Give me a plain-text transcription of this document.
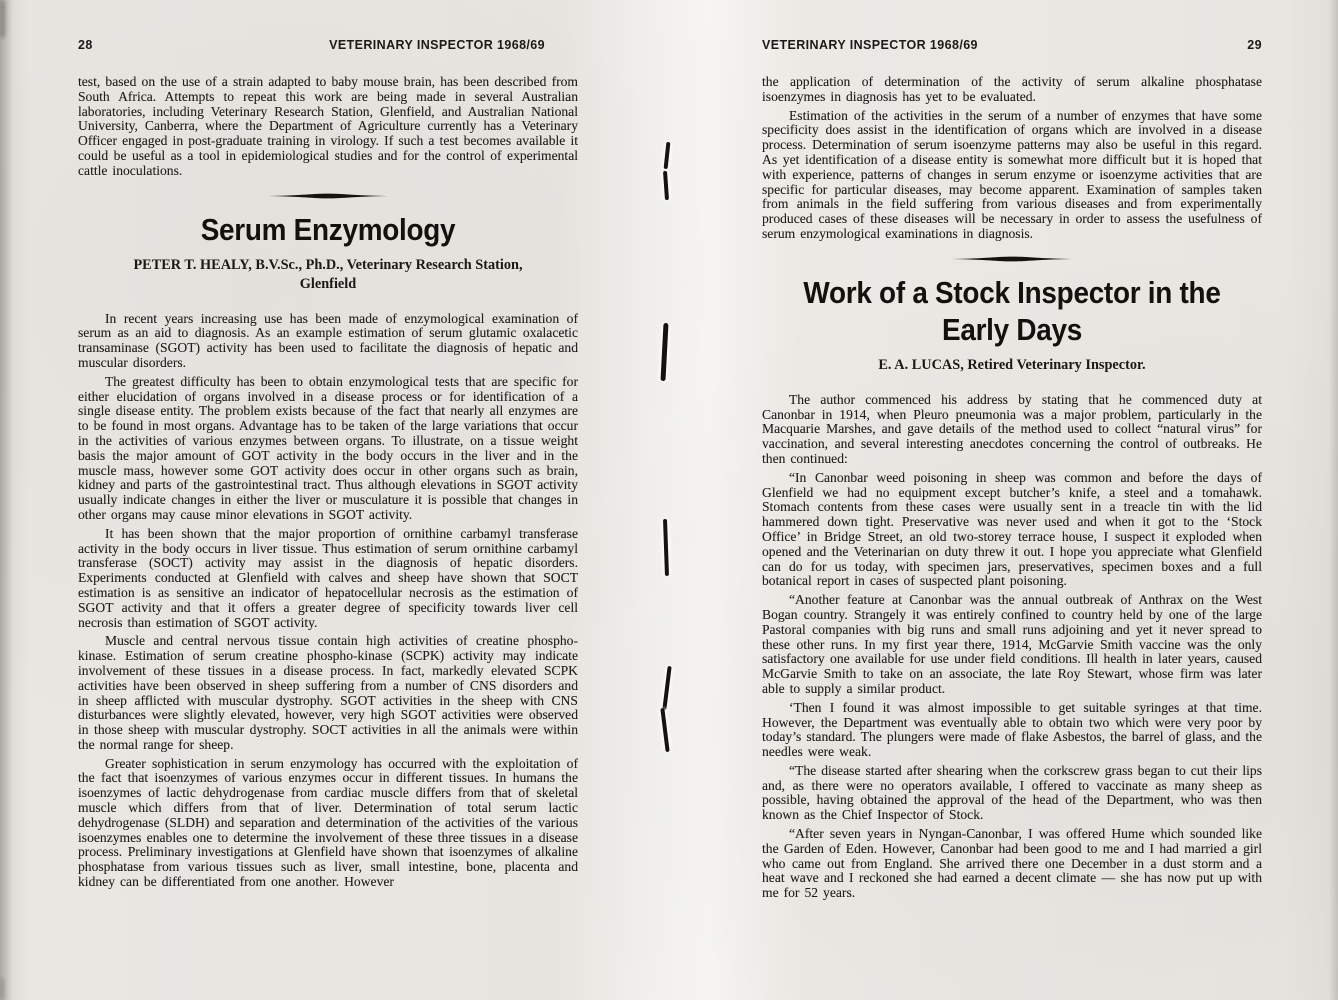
28	VETERINARY INSPECTOR 1968/69

test, based on the use of a strain adapted to baby mouse brain, has been described from South Africa. Attempts to repeat this work are being made in several Australian laboratories, including Veterinary Research Station, Glenfield, and Australian National University, Canberra, where the Department of Agriculture currently has a Veterinary Officer engaged in post-graduate training in virology. If such a test becomes available it could be useful as a tool in epidemiological studies and for the control of experimental cattle inoculations.

Serum Enzymology
PETER T. HEALY, B.V.Sc., Ph.D., Veterinary Research Station,
Glenfield

In recent years increasing use has been made of enzymological examination of serum as an aid to diagnosis. As an example estimation of serum glutamic oxalacetic transaminase (SGOT) activity has been used to facilitate the diagnosis of hepatic and muscular disorders.

The greatest difficulty has been to obtain enzymological tests that are specific for either elucidation of organs involved in a disease process or for identification of a single disease entity. The problem exists because of the fact that nearly all enzymes are to be found in most organs. Advantage has to be taken of the large variations that occur in the activities of various enzymes between organs. To illustrate, on a tissue weight basis the major amount of GOT activity in the body occurs in the liver and in the muscle mass, however some GOT activity does occur in other organs such as brain, kidney and parts of the gastrointestinal tract. Thus although elevations in SGOT activity usually indicate changes in either the liver or musculature it is possible that changes in other organs may cause minor elevations in SGOT activity.

It has been shown that the major proportion of ornithine carbamyl transferase activity in the body occurs in liver tissue. Thus estimation of serum ornithine carbamyl transferase (SOCT) activity may assist in the diagnosis of hepatic disorders. Experiments conducted at Glenfield with calves and sheep have shown that SOCT estimation is as sensitive an indicator of hepatocellular necrosis as the estimation of SGOT activity and that it offers a greater degree of specificity towards liver cell necrosis than estimation of SGOT activity.

Muscle and central nervous tissue contain high activities of creatine phospho-kinase. Estimation of serum creatine phospho-kinase (SCPK) activity may indicate involvement of these tissues in a disease process. In fact, markedly elevated SCPK activities have been observed in sheep suffering from a number of CNS disorders and in sheep afflicted with muscular dystrophy. SGOT activities in the sheep with CNS disturbances were slightly elevated, however, very high SGOT activities were observed in those sheep with muscular dystrophy. SOCT activities in all the animals were within the normal range for sheep.

Greater sophistication in serum enzymology has occurred with the exploitation of the fact that isoenzymes of various enzymes occur in different tissues. In humans the isoenzymes of lactic dehydrogenase from cardiac muscle differs from that of skeletal muscle which differs from that of liver. Determination of total serum lactic dehydrogenase (SLDH) and separation and determination of the activities of the various isoenzymes enables one to determine the involvement of these three tissues in a disease process. Preliminary investigations at Glenfield have shown that isoenzymes of alkaline phosphatase from various tissues such as liver, small intestine, bone, placenta and kidney can be differentiated from one another. However

VETERINARY INSPECTOR 1968/69	29

the application of determination of the activity of serum alkaline phosphatase isoenzymes in diagnosis has yet to be evaluated.

Estimation of the activities in the serum of a number of enzymes that have some specificity does assist in the identification of organs which are involved in a disease process. Determination of serum isoenzyme patterns may also be useful in this regard. As yet identification of a disease entity is somewhat more difficult but it is hoped that with experience, patterns of changes in serum enzyme or isoenzyme activities that are specific for particular diseases, may become apparent. Examination of samples taken from animals in the field suffering from various diseases and from experimentally produced cases of these diseases will be necessary in order to assess the usefulness of serum enzymological examinations in diagnosis.

Work of a Stock Inspector in the
Early Days
E. A. LUCAS, Retired Veterinary Inspector.

The author commenced his address by stating that he commenced duty at Canonbar in 1914, when Pleuro pneumonia was a major problem, particularly in the Macquarie Marshes, and gave details of the method used to collect “natural virus” for vaccination, and several interesting anecdotes concerning the control of outbreaks. He then continued:

“In Canonbar weed poisoning in sheep was common and before the days of Glenfield we had no equipment except butcher’s knife, a steel and a tomahawk. Stomach contents from these cases were usually sent in a treacle tin with the lid hammered down tight. Preservative was never used and when it got to the ‘Stock Office’ in Bridge Street, an old two-storey terrace house, I suspect it exploded when opened and the Veterinarian on duty threw it out. I hope you appreciate what Glenfield can do for us today, with specimen jars, preservatives, specimen boxes and a full botanical report in cases of suspected plant poisoning.

“Another feature at Canonbar was the annual outbreak of Anthrax on the West Bogan country. Strangely it was entirely confined to country held by one of the large Pastoral companies with big runs and small runs adjoining and yet it never spread to these other runs. In my first year there, 1914, McGarvie Smith vaccine was the only satisfactory one available for use under field conditions. Ill health in later years, caused McGarvie Smith to take on an associate, the late Roy Stewart, whose firm was later able to supply a similar product.

‘Then I found it was almost impossible to get suitable syringes at that time. However, the Department was eventually able to obtain two which were very poor by today’s standard. The plungers were made of flake Asbestos, the barrel of glass, and the needles were weak.

“The disease started after shearing when the corkscrew grass began to cut their lips and, as there were no operators available, I offered to vaccinate as many sheep as possible, having obtained the approval of the head of the Department, who was then known as the Chief Inspector of Stock.

“After seven years in Nyngan-Canonbar, I was offered Hume which sounded like the Garden of Eden. However, Canonbar had been good to me and I had married a girl who came out from England. She arrived there one December in a dust storm and a heat wave and I reckoned she had earned a decent climate — she has now put up with me for 52 years.
